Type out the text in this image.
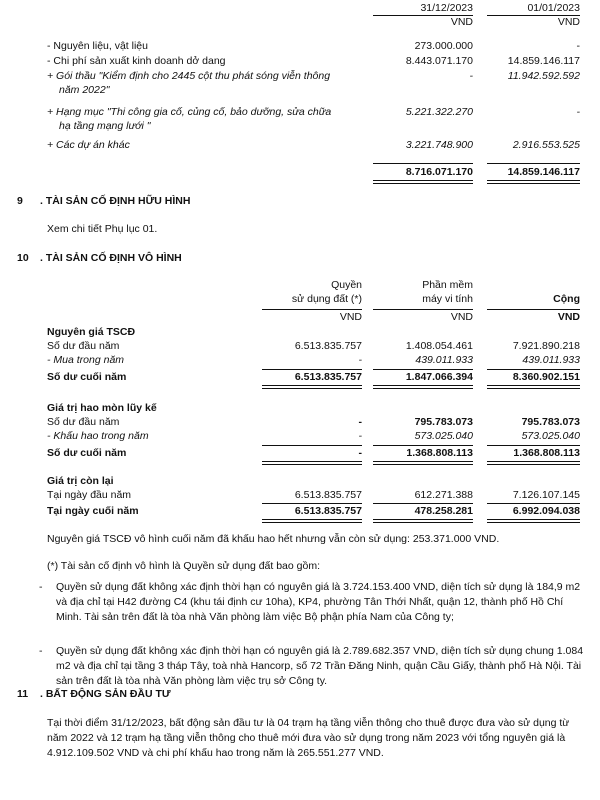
31/12/2023	01/01/2023
VND	VND
- Nguyên liệu, vật liệu	273.000.000	-
- Chi phí sản xuất kinh doanh dở dang	8.443.071.170	14.859.146.117
+ Gói thầu "Kiểm định cho 2445 cột thu phát sóng viễn thông
năm 2022"
-	11.942.592.592
+ Hạng mục "Thi công gia cố, củng cố, bảo dưỡng, sửa chữa
hạ tầng mạng lưới "
5.221.322.270	-
+ Các dự án khác	3.221.748.900	2.916.553.525
8.716.071.170	14.859.146.117
9 . TÀI SẢN CỐ ĐỊNH HỮU HÌNH
Xem chi tiết Phụ lục 01.
10 . TÀI SẢN CỐ ĐỊNH VÔ HÌNH
Quyền
sử dụng đất (*)
Phần mềm
máy vi tính	Cộng
VND	VND	VND
Nguyên giá TSCĐ
Số dư đầu năm	6.513.835.757	1.408.054.461	7.921.890.218
- Mua trong năm	-	439.011.933	439.011.933
Số dư cuối năm	6.513.835.757	1.847.066.394	8.360.902.151
Giá trị hao mòn lũy kế
Số dư đầu năm	-	795.783.073	795.783.073
- Khấu hao trong năm	-	573.025.040	573.025.040
Số dư cuối năm	-	1.368.808.113	1.368.808.113
Giá trị còn lại
Tại ngày đầu năm	6.513.835.757	612.271.388	7.126.107.145
Tại ngày cuối năm	6.513.835.757	478.258.281	6.992.094.038
Nguyên giá TSCĐ vô hình cuối năm đã khấu hao hết nhưng vẫn còn sử dụng: 253.371.000 VND.
(*) Tài sản cố định vô hình là Quyền sử dụng đất bao gồm:
- Quyền sử dụng đất không xác định thời hạn có nguyên giá là 3.724.153.400 VND, diện tích sử dụng là 184,9 m2 và địa chỉ tại H42 đường C4 (khu tái định cư 10ha), KP4, phường Tân Thới Nhất, quận 12, thành phố Hồ Chí Minh. Tài sản trên đất là tòa nhà Văn phòng làm việc Bộ phận phía Nam của Công ty;
- Quyền sử dụng đất không xác định thời hạn có nguyên giá là 2.789.682.357 VND, diện tích sử dụng chung 1.084 m2 và địa chỉ tại tầng 3 tháp Tây, toà nhà Hancorp, số 72 Trần Đăng Ninh, quận Cầu Giấy, thành phố Hà Nội. Tài sản trên đất là tòa nhà Văn phòng làm việc trụ sở Công ty.
11 . BẤT ĐỘNG SẢN ĐẦU TƯ
Tại thời điểm 31/12/2023, bất động sản đầu tư là 04 trạm hạ tầng viễn thông cho thuê được đưa vào sử dụng từ năm 2022 và 12 trạm hạ tầng viễn thông cho thuê mới đưa vào sử dụng trong năm 2023 với tổng nguyên giá là 4.912.109.502 VND và chi phí khấu hao trong năm là 265.551.277 VND.
